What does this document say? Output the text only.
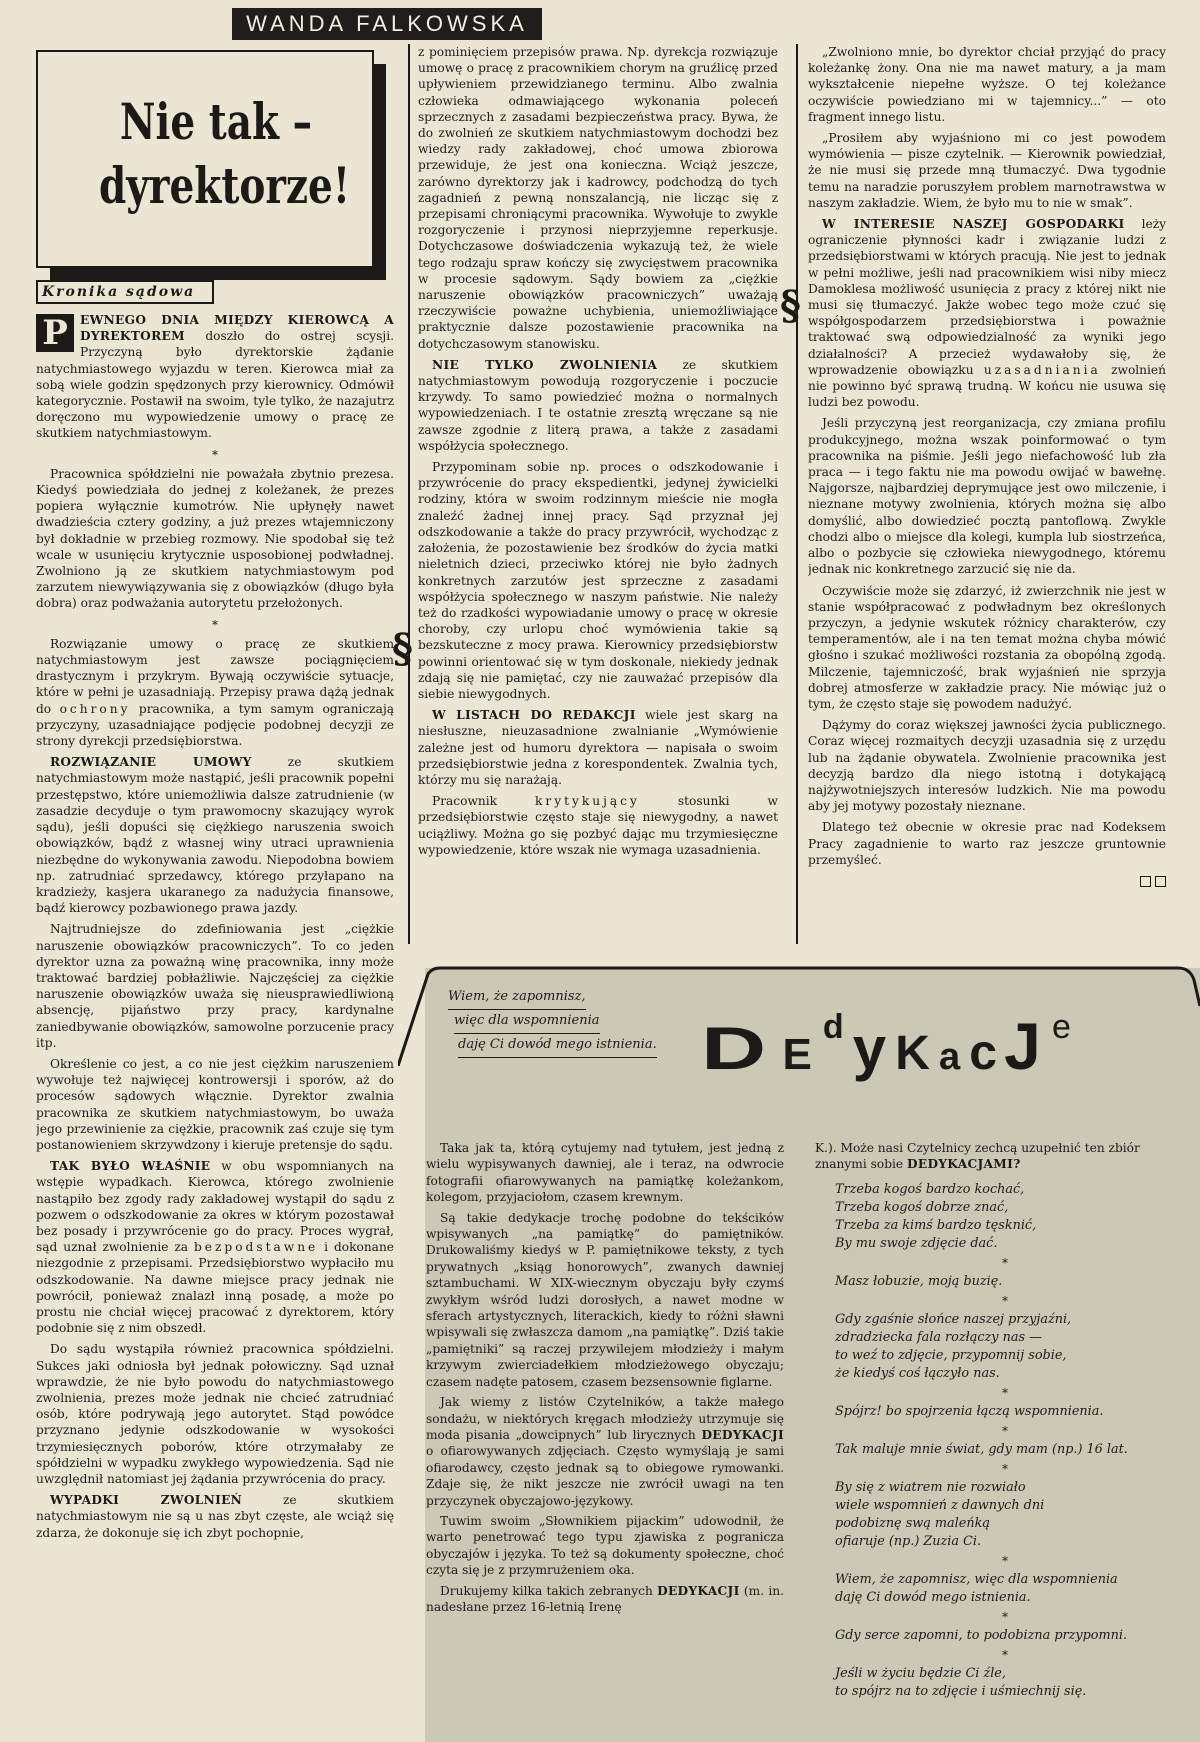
WANDA FALKOWSKA
Nie tak –
dyrektorze!
Kronika sądowa

P	EWNEGO DNIA MIĘDZY KIEROWCĄ A DYREKTOREM doszło do ostrej scysji. Przyczyną było dyrektorskie żądanie natychmiastowego wyjazdu w teren. Kierowca miał za sobą wiele godzin spędzonych przy kierownicy. Odmówił kategorycznie. Postawił na swoim, tyle tylko, że nazajutrz doręczono mu wypowiedzenie umowy o pracę ze skutkiem natychmiastowym.

*

Pracownica spółdzielni nie poważała zbytnio prezesa. Kiedyś powiedziała do jednej z koleżanek, że prezes popiera wyłącznie kumotrów. Nie upłynęły nawet dwadzieścia cztery godziny, a już prezes wtajemniczony był dokładnie w przebieg rozmowy. Nie spodobał się też wcale w usunięciu krytycznie usposobionej podwładnej. Zwolniono ją ze skutkiem natychmiastowym pod zarzutem niewywiązywania się z obowiązków (długo była dobra) oraz podważania autorytetu przełożonych.

*

Rozwiązanie umowy o pracę ze skutkiem natychmiastowym jest zawsze pociągnięciem drastycznym i przykrym. Bywają oczywiście sytuacje, które w pełni je uzasadniają. Przepisy prawa dążą jednak do ochrony pracownika, a tym samym ograniczają przyczyny, uzasadniające podjęcie podobnej decyzji ze strony dyrekcji przedsiębiorstwa.

ROZWIĄZANIE UMOWY ze skutkiem natychmiastowym może nastąpić, jeśli pracownik popełni przestępstwo, które uniemożliwia dalsze zatrudnienie (w zasadzie decyduje o tym prawomocny skazujący wyrok sądu), jeśli dopuści się ciężkiego naruszenia swoich obowiązków, bądź z własnej winy utraci uprawnienia niezbędne do wykonywania zawodu. Niepodobna bowiem np. zatrudniać sprzedawcy, którego przyłapano na kradzieży, kasjera ukaranego za nadużycia finansowe, bądź kierowcy pozbawionego prawa jazdy.

Najtrudniejsze do zdefiniowania jest „ciężkie naruszenie obowiązków pracowniczych”. To co jeden dyrektor uzna za poważną winę pracownika, inny może traktować bardziej pobłażliwie. Najczęściej za ciężkie naruszenie obowiązków uważa się nieusprawiedliwioną absencję, pijaństwo przy pracy, kardynalne zaniedbywanie obowiązków, samowolne porzucenie pracy itp.

Określenie co jest, a co nie jest ciężkim naruszeniem wywołuje też najwięcej kontrowersji i sporów, aż do procesów sądowych włącznie. Dyrektor zwalnia pracownika ze skutkiem natychmiastowym, bo uważa jego przewinienie za ciężkie, pracownik zaś czuje się tym postanowieniem skrzywdzony i kieruje pretensje do sądu.

TAK BYŁO WŁAŚNIE w obu wspomnianych na wstępie wypadkach. Kierowca, którego zwolnienie nastąpiło bez zgody rady zakładowej wystąpił do sądu z pozwem o odszkodowanie za okres w którym pozostawał bez posady i przywrócenie go do pracy. Proces wygrał, sąd uznał zwolnienie za bezpodstawne i dokonane niezgodnie z przepisami. Przedsiębiorstwo wypłaciło mu odszkodowanie. Na dawne miejsce pracy jednak nie powrócił, ponieważ znalazł inną posadę, a może po prostu nie chciał więcej pracować z dyrektorem, który podobnie się z nim obszedł.

Do sądu wystąpiła również pracownica spółdzielni. Sukces jaki odniosła był jednak połowiczny. Sąd uznał wprawdzie, że nie było powodu do natychmiastowego zwolnienia, prezes może jednak nie chcieć zatrudniać osób, które podrywają jego autorytet. Stąd powódce przyznano jedynie odszkodowanie w wysokości trzymiesięcznych poborów, które otrzymałaby ze spółdzielni w wypadku zwykłego wypowiedzenia. Sąd nie uwzględnił natomiast jej żądania przywrócenia do pracy.

WYPADKI ZWOLNIEŃ ze skutkiem natychmiastowym nie są u nas zbyt częste, ale wciąż się zdarza, że dokonuje się ich zbyt pochopnie,

§

z pominięciem przepisów prawa. Np. dyrekcja rozwiązuje umowę o pracę z pracownikiem chorym na gruźlicę przed upływieniem przewidzianego terminu. Albo zwalnia człowieka odmawiającego wykonania poleceń sprzecznych z zasadami bezpieczeństwa pracy. Bywa, że do zwolnień ze skutkiem natychmiastowym dochodzi bez wiedzy rady zakładowej, choć umowa zbiorowa przewiduje, że jest ona konieczna. Wciąż jeszcze, zarówno dyrektorzy jak i kadrowcy, podchodzą do tych zagadnień z pewną nonszalancją, nie licząc się z przepisami chroniącymi pracownika. Wywołuje to zwykle rozgoryczenie i przynosi nieprzyjemne reperkusje. Dotychczasowe doświadczenia wykazują też, że wiele tego rodzaju spraw kończy się zwycięstwem pracownika w procesie sądowym. Sądy bowiem za „ciężkie naruszenie obowiązków pracowniczych” uważają rzeczywiście poważne uchybienia, uniemożliwiające praktycznie dalsze pozostawienie pracownika na dotychczasowym stanowisku.

NIE TYLKO ZWOLNIENIA ze skutkiem natychmiastowym powodują rozgoryczenie i poczucie krzywdy. To samo powiedzieć można o normalnych wypowiedzeniach. I te ostatnie zresztą wręczane są nie zawsze zgodnie z literą prawa, a także z zasadami współżycia społecznego.

Przypominam sobie np. proces o odszkodowanie i przywrócenie do pracy ekspedientki, jedynej żywicielki rodziny, która w swoim rodzinnym mieście nie mogła znaleźć żadnej innej pracy. Sąd przyznał jej odszkodowanie a także do pracy przywrócił, wychodząc z założenia, że pozostawienie bez środków do życia matki nieletnich dzieci, przeciwko której nie było żadnych konkretnych zarzutów jest sprzeczne z zasadami współżycia społecznego w naszym państwie. Nie należy też do rzadkości wypowiadanie umowy o pracę w okresie choroby, czy urlopu choć wymówienia takie są bezskuteczne z mocy prawa. Kierownicy przedsiębiorstw powinni orientować się w tym doskonale, niekiedy jednak zdają się nie pamiętać, czy nie zauważać przepisów dla siebie niewygodnych.

W LISTACH DO REDAKCJI wiele jest skarg na niesłuszne, nieuzasadnione zwalnianie „Wymówienie zależne jest od humoru dyrektora — napisała o swoim przedsiębiorstwie jedna z korespondentek. Zwalnia tych, którzy mu się narażają.

Pracownik krytykujący stosunki w przedsiębiorstwie często staje się niewygodny, a nawet uciążliwy. Można go się pozbyć dając mu trzymiesięczne wypowiedzenie, które wszak nie wymaga uzasadnienia.

§

„Zwolniono mnie, bo dyrektor chciał przyjąć do pracy koleżankę żony. Ona nie ma nawet matury, a ja mam wykształcenie niepełne wyższe. O tej koleżance oczywiście powiedziano mi w tajemnicy...” — oto fragment innego listu.

„Prosiłem aby wyjaśniono mi co jest powodem wymówienia — pisze czytelnik. — Kierownik powiedział, że nie musi się przede mną tłumaczyć. Dwa tygodnie temu na naradzie poruszyłem problem marnotrawstwa w naszym zakładzie. Wiem, że było mu to nie w smak”.

W INTERESIE NASZEJ GOSPODARKI leży ograniczenie płynności kadr i związanie ludzi z przedsiębiorstwami w których pracują. Nie jest to jednak w pełni możliwe, jeśli nad pracownikiem wisi niby miecz Damoklesa możliwość usunięcia z pracy z której nikt nie musi się tłumaczyć. Jakże wobec tego może czuć się współgospodarzem przedsiębiorstwa i poważnie traktować swą odpowiedzialność za wyniki jego działalności? A przecież wydawałoby się, że wprowadzenie obowiązku uzasadniania zwolnień nie powinno być sprawą trudną. W końcu nie usuwa się ludzi bez powodu.

Jeśli przyczyną jest reorganizacja, czy zmiana profilu produkcyjnego, można wszak poinformować o tym pracownika na piśmie. Jeśli jego niefachowość lub zła praca — i tego faktu nie ma powodu owijać w bawełnę. Najgorsze, najbardziej deprymujące jest owo milczenie, i nieznane motywy zwolnienia, których można się albo domyślić, albo dowiedzieć pocztą pantoflową. Zwykle chodzi albo o miejsce dla kolegi, kumpla lub siostrzeńca, albo o pozbycie się człowieka niewygodnego, któremu jednak nic konkretnego zarzucić się nie da.

Oczywiście może się zdarzyć, iż zwierzchnik nie jest w stanie współpracować z podwładnym bez określonych przyczyn, a jedynie wskutek różnicy charakterów, czy temperamentów, ale i na ten temat można chyba mówić głośno i szukać możliwości rozstania za obopólną zgodą. Milczenie, tajemniczość, brak wyjaśnień nie sprzyja dobrej atmosferze w zakładzie pracy. Nie mówiąc już o tym, że często staje się powodem nadużyć.

Dążymy do coraz większej jawności życia publicznego. Coraz więcej rozmaitych decyzji uzasadnia się z urzędu lub na żądanie obywatela. Zwolnienie pracownika jest decyzją bardzo dla niego istotną i dotykającą najżywotniejszych interesów ludzkich. Nie ma powodu aby jej motywy pozostały nieznane.

Dlatego też obecnie w okresie prac nad Kodeksem Pracy zagadnienie to warto raz jeszcze gruntownie przemyśleć.

Wiem, że zapomnisz,
więc dla wspomnienia
daję Ci dowód mego istnienia. D E d y K a c J e

Taka jak ta, którą cytujemy nad tytułem, jest jedną z wielu wypisywanych dawniej, ale i teraz, na odwrocie fotografii ofiarowywanych na pamiątkę koleżankom, kolegom, przyjaciołom, czasem krewnym.

Są takie dedykacje trochę podobne do tekścików wpisywanych „na pamiątkę” do pamiętników. Drukowaliśmy kiedyś w P. pamiętnikowe teksty, z tych prywatnych „ksiąg honorowych”, zwanych dawniej sztambuchami. W XIX-wiecznym obyczaju były czymś zwykłym wśród ludzi dorosłych, a nawet modne w sferach artystycznych, literackich, kiedy to różni sławni wpisywali się zwłaszcza damom „na pamiątkę”. Dziś takie „pamiętniki” są raczej przywilejem młodzieży i małym krzywym zwierciadełkiem młodzieżowego obyczaju; czasem nadęte patosem, czasem bezsensownie figlarne.

Jak wiemy z listów Czytelników, a także małego sondażu, w niektórych kręgach młodzieży utrzymuje się moda pisania „dowcipnych” lub lirycznych DEDYKACJI o ofiarowywanych zdjęciach. Często wymyślają je sami ofiarodawcy, często jednak są to obiegowe rymowanki. Zdaje się, że nikt jeszcze nie zwrócił uwagi na ten przyczynek obyczajowo-językowy.

Tuwim swoim „Słownikiem pijackim” udowodnił, że warto penetrować tego typu zjawiska z pogranicza obyczajów i języka. To też są dokumenty społeczne, choć czyta się je z przymrużeniem oka.

Drukujemy kilka takich zebranych DEDYKACJI (m. in. nadesłane przez 16-letnią Irenę

K.). Może nasi Czytelnicy zechcą uzupełnić ten zbiór znanymi sobie DEDYKACJAMI?

Trzeba kogoś bardzo kochać,
Trzeba kogoś dobrze znać,
Trzeba za kimś bardzo tęsknić,
By mu swoje zdjęcie dać.
*
Masz łobuzie, moją buzię.
*
Gdy zgaśnie słońce naszej przyjaźni,
zdradziecka fala rozłączy nas —
to weź to zdjęcie, przypomnij sobie,
że kiedyś coś łączyło nas.
*
Spójrz! bo spojrzenia łączą wspomnienia.
*
Tak maluje mnie świat, gdy mam (np.) 16 lat.
*
By się z wiatrem nie rozwiało
wiele wspomnień z dawnych dni
podobiznę swą maleńką
ofiaruje (np.) Zuzia Ci.
*
Wiem, że zapomnisz, więc dla wspomnienia
daję Ci dowód mego istnienia.
*
Gdy serce zapomni, to podobizna przypomni.
*
Jeśli w życiu będzie Ci źle,
to spójrz na to zdjęcie i uśmiechnij się.
